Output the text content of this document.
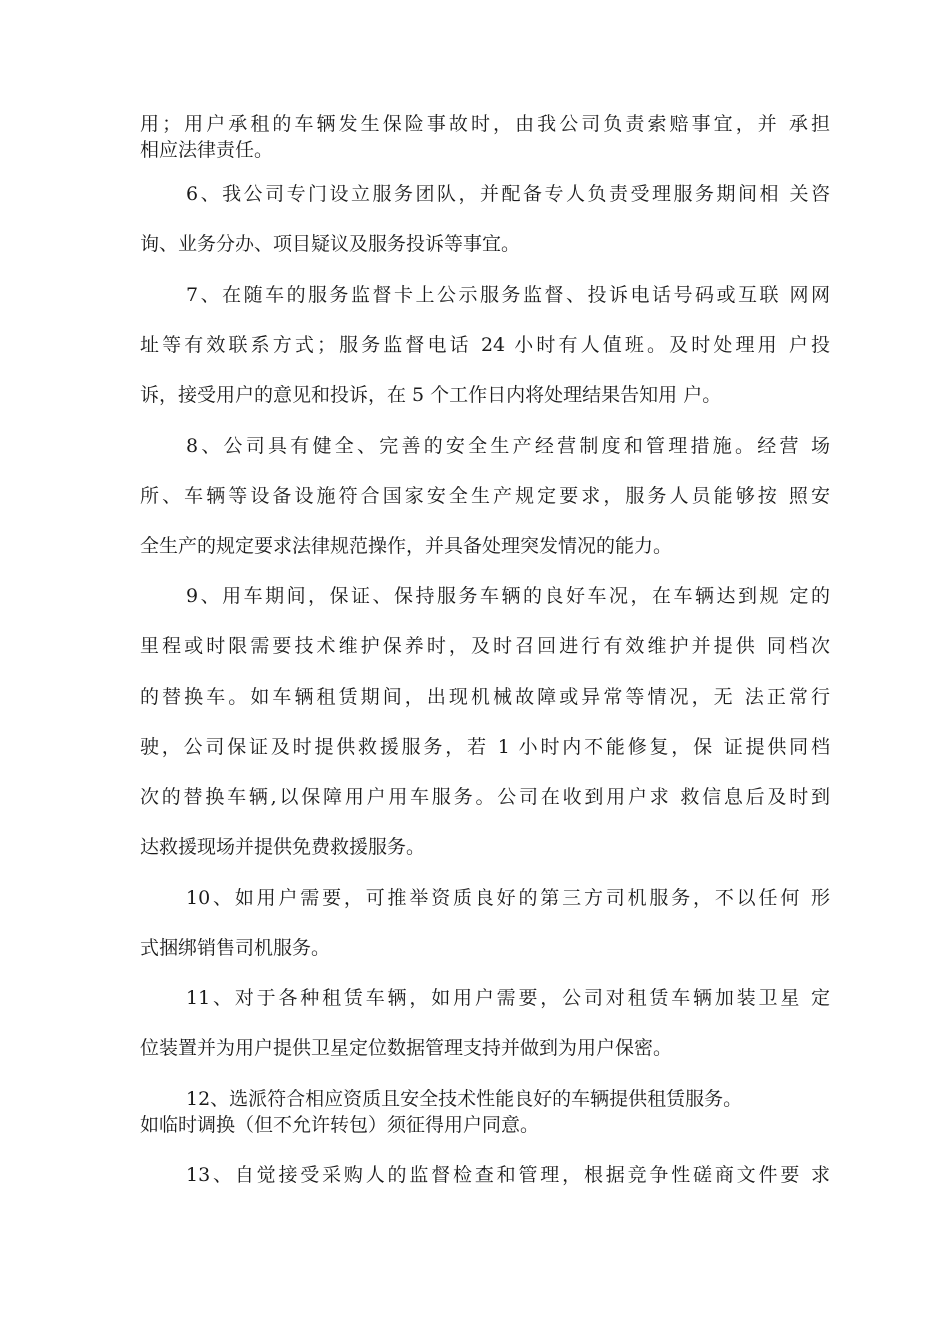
用；用户承租的车辆发生保险事故时，由我公司负责索赔事宜，并 承担
相应法律责任。
6、我公司专门设立服务团队，并配备专人负责受理服务期间相 关咨
询、业务分办、项目疑议及服务投诉等事宜。
7、在随车的服务监督卡上公示服务监督、投诉电话号码或互联 网网
址等有效联系方式；服务监督电话 24 小时有人值班。及时处理用 户投
诉，接受用户的意见和投诉，在 5 个工作日内将处理结果告知用 户。
8、公司具有健全、完善的安全生产经营制度和管理措施。经营 场
所、车辆等设备设施符合国家安全生产规定要求，服务人员能够按 照安
全生产的规定要求法律规范操作，并具备处理突发情况的能力。
9、用车期间，保证、保持服务车辆的良好车况，在车辆达到规 定的
里程或时限需要技术维护保养时，及时召回进行有效维护并提供 同档次
的替换车。如车辆租赁期间，出现机械故障或异常等情况，无 法正常行
驶，公司保证及时提供救援服务，若 1 小时内不能修复，保 证提供同档
次的替换车辆,以保障用户用车服务。公司在收到用户求 救信息后及时到
达救援现场并提供免费救援服务。
10、如用户需要，可推举资质良好的第三方司机服务，不以任何 形
式捆绑销售司机服务。
11、对于各种租赁车辆，如用户需要，公司对租赁车辆加装卫星 定
位装置并为用户提供卫星定位数据管理支持并做到为用户保密。
12、选派符合相应资质且安全技术性能良好的车辆提供租赁服务。
如临时调换（但不允许转包）须征得用户同意。
13、自觉接受采购人的监督检查和管理，根据竞争性磋商文件要 求
